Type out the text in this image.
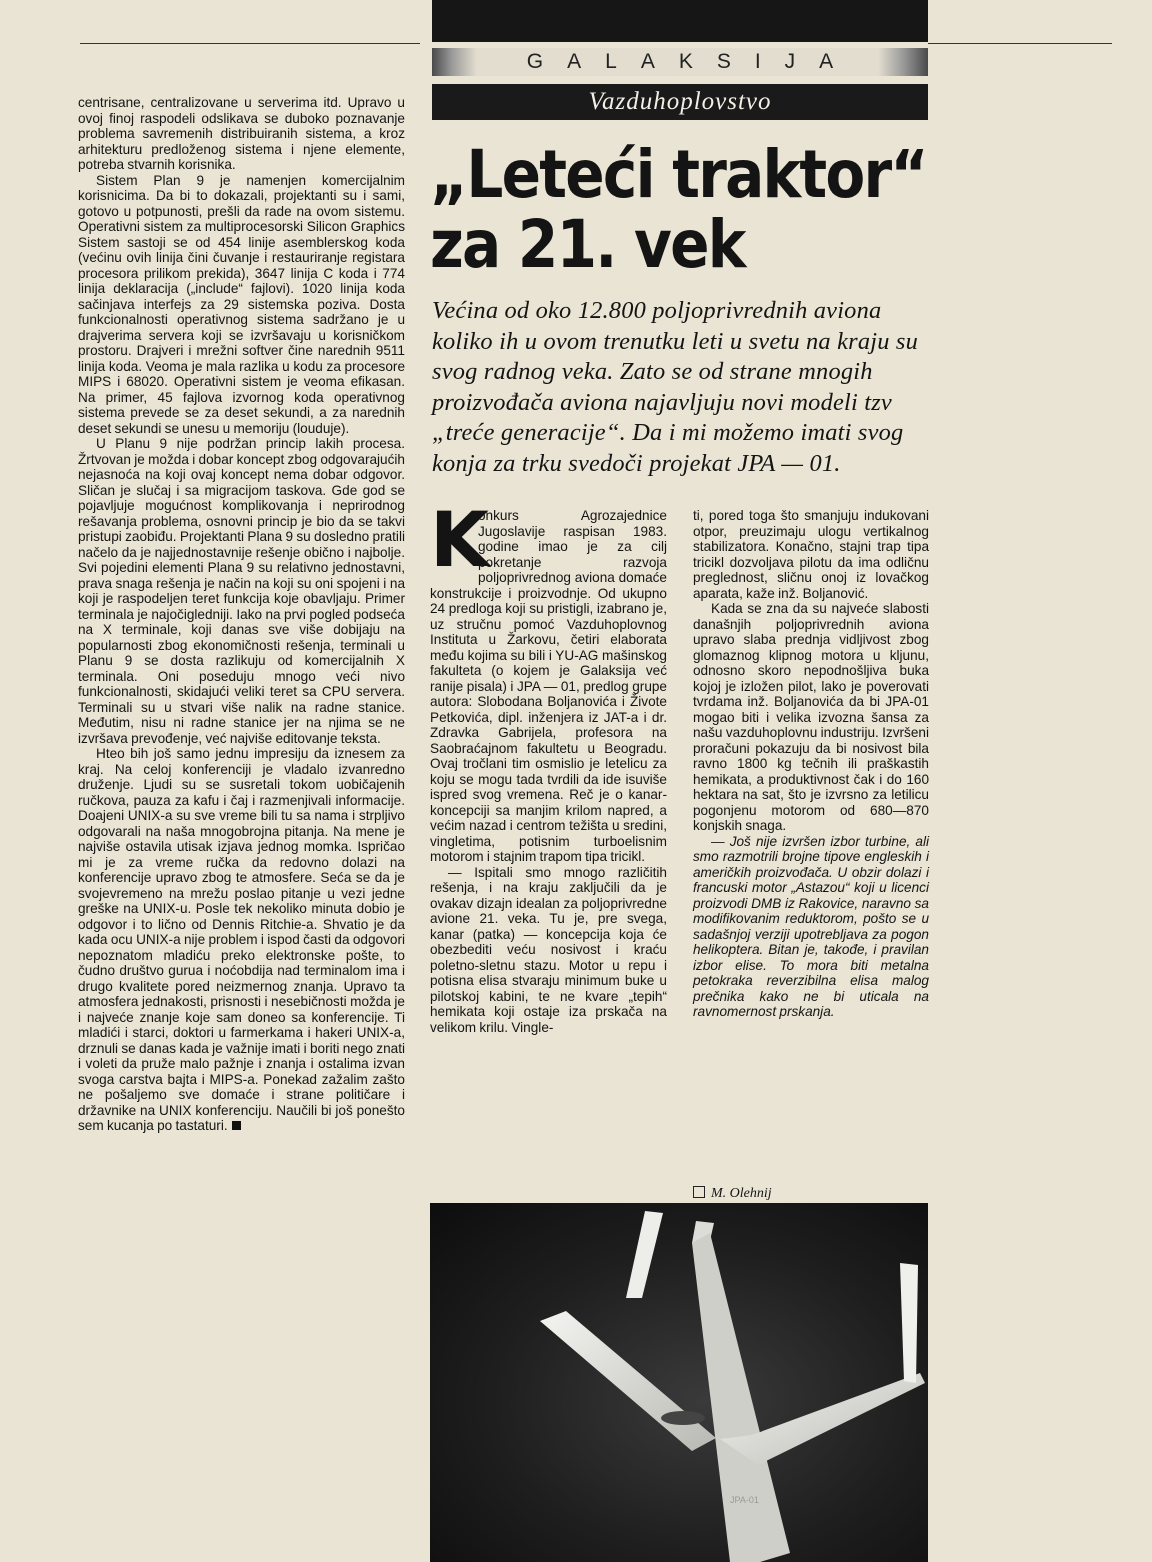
centrisane, centralizovane u serverima itd. Upravo u ovoj finoj raspodeli odslikava se duboko poznavanje problema savremenih distribuiranih sistema, a kroz arhitekturu predloženog sistema i njene elemente, potreba stvarnih korisnika.

Sistem Plan 9 je namenjen komercijalnim korisnicima. Da bi to dokazali, projektanti su i sami, gotovo u potpunosti, prešli da rade na ovom sistemu. Operativni sistem za multiprocesorski Silicon Graphics Sistem sastoji se od 454 linije asemblerskog koda (većinu ovih linija čini čuvanje i restauriranje registara procesora prilikom prekida), 3647 linija C koda i 774 linija deklaracija („include“ fajlovi). 1020 linija koda sačinjava interfejs za 29 sistemska poziva. Dosta funkcionalnosti operativnog sistema sadržano je u drajverima servera koji se izvršavaju u korisničkom prostoru. Drajveri i mrežni softver čine narednih 9511 linija koda. Veoma je mala razlika u kodu za procesore MIPS i 68020. Operativni sistem je veoma efikasan. Na primer, 45 fajlova izvornog koda operativnog sistema prevede se za deset sekundi, a za narednih deset sekundi se unesu u memoriju (louduje).

U Planu 9 nije podržan princip lakih procesa. Žrtvovan je možda i dobar koncept zbog odgovarajućih nejasnoća na koji ovaj koncept nema dobar odgovor. Sličan je slučaj i sa migracijom taskova. Gde god se pojavljuje mogućnost komplikovanja i neprirodnog rešavanja problema, osnovni princip je bio da se takvi pristupi zaobiđu. Projektanti Plana 9 su dosledno pratili načelo da je najjednostavnije rešenje obično i najbolje. Svi pojedini elementi Plana 9 su relativno jednostavni, prava snaga rešenja je način na koji su oni spojeni i na koji je raspodeljen teret funkcija koje obavljaju. Primer terminala je najočigledniji. Iako na prvi pogled podseća na X terminale, koji danas sve više dobijaju na popularnosti zbog ekonomičnosti rešenja, terminali u Planu 9 se dosta razlikuju od komercijalnih X terminala. Oni poseduju mnogo veći nivo funkcionalnosti, skidajući veliki teret sa CPU servera. Terminali su u stvari više nalik na radne stanice. Međutim, nisu ni radne stanice jer na njima se ne izvršava prevođenje, već najviše editovanje teksta.

Hteo bih još samo jednu impresiju da iznesem za kraj. Na celoj konferenciji je vladalo izvanredno druženje. Ljudi su se susretali tokom uobičajenih ručkova, pauza za kafu i čaj i razmenjivali informacije. Doajeni UNIX-a su sve vreme bili tu sa nama i strpljivo odgovarali na naša mnogobrojna pitanja. Na mene je najviše ostavila utisak izjava jednog momka. Ispričao mi je za vreme ručka da redovno dolazi na konferencije upravo zbog te atmosfere. Seća se da je svojevremeno na mrežu poslao pitanje u vezi jedne greške na UNIX-u. Posle tek nekoliko minuta dobio je odgovor i to lično od Dennis Ritchie-a. Shvatio je da kada ocu UNIX-a nije problem i ispod časti da odgovori nepoznatom mladiću preko elektronske pošte, to čudno društvo gurua i noćobdija nad terminalom ima i drugo kvalitete pored neizmernog znanja. Upravo ta atmosfera jednakosti, prisnosti i nesebičnosti možda je i najveće znanje koje sam doneo sa konferencije. Ti mladići i starci, doktori u farmerkama i hakeri UNIX-a, drznuli se danas kada je važnije imati i boriti nego znati i voleti da pruže malo pažnje i znanja i ostalima izvan svoga carstva bajta i MIPS-a. Ponekad zažalim zašto ne pošaljemo sve domaće i strane političare i državnike na UNIX konferenciju. Naučili bi još ponešto sem kucanja po tastaturi.

GALAKSIJA
Vazduhoplovstvo
„Leteći traktor“
za 21. vek
Većina od oko 12.800 poljoprivrednih aviona koliko ih u ovom trenutku leti u svetu na kraju su svog radnog veka. Zato se od strane mnogih proizvođača aviona najavljuju novi modeli tzv „treće generacije“. Da i mi možemo imati svog konja za trku svedoči projekat JPA — 01.

K
onkurs Agrozajednice Jugoslavije raspisan 1983. godine imao je za cilj pokretanje razvoja poljoprivrednog aviona domaće konstrukcije i proizvodnje. Od ukupno 24 predloga koji su pristigli, izabrano je, uz stručnu pomoć Vazduhoplovnog Instituta u Žarkovu, četiri elaborata među kojima su bili i YU-AG mašinskog fakulteta (o kojem je Galaksija već ranije pisala) i JPA — 01, predlog grupe autora: Slobodana Boljanovića i Živote Petkovića, dipl. inženjera iz JAT-a i dr. Zdravka Gabrijela, profesora na Saobraćajnom fakultetu u Beogradu. Ovaj tročlani tim osmislio je letelicu za koju se mogu tada tvrdili da ide isuviše ispred svog vremena. Reč je o kanar-koncepciji sa manjim krilom napred, a većim nazad i centrom težišta u sredini, vingletima, potisnim turboelisnim motorom i stajnim trapom tipa tricikl.

— Ispitali smo mnogo različitih rešenja, i na kraju zaključili da je ovakav dizajn idealan za poljoprivredne avione 21. veka. Tu je, pre svega, kanar (patka) — koncepcija koja će obezbediti veću nosivost i kraću poletno-sletnu stazu. Motor u repu i potisna elisa stvaraju minimum buke u pilotskoj kabini, te ne kvare „tepih“ hemikata koji ostaje iza prskača na velikom krilu. Vingle-

ti, pored toga što smanjuju indukovani otpor, preuzimaju ulogu vertikalnog stabilizatora. Konačno, stajni trap tipa tricikl dozvoljava pilotu da ima odličnu preglednost, sličnu onoj iz lovačkog aparata, kaže inž. Boljanović.

Kada se zna da su najveće slabosti današnjih poljoprivrednih aviona upravo slaba prednja vidljivost zbog glomaznog klipnog motora u kljunu, odnosno skoro nepodnošljiva buka kojoj je izložen pilot, lako je poverovati tvrdama inž. Boljanovića da bi JPA-01 mogao biti i velika izvozna šansa za našu vazduhoplovnu industriju. Izvršeni proračuni pokazuju da bi nosivost bila ravno 1800 kg tečnih ili praškastih hemikata, a produktivnost čak i do 160 hektara na sat, što je izvrsno za letilicu pogonjenu motorom od 680—870 konjskih snaga.

— Još nije izvršen izbor turbine, ali smo razmotrili brojne tipove engleskih i američkih proizvođača. U obzir dolazi i francuski motor „Astazou“ koji u licenci proizvodi DMB iz Rakovice, naravno sa modifikovanim reduktorom, pošto se u sadašnjoj verziji upotrebljava za pogon helikoptera. Bitan je, takođe, i pravilan izbor elise. To mora biti metalna petokraka reverzibilna elisa malog prečnika kako ne bi uticala na ravnomernost prskanja.

M. Olehnij
JPA-01
